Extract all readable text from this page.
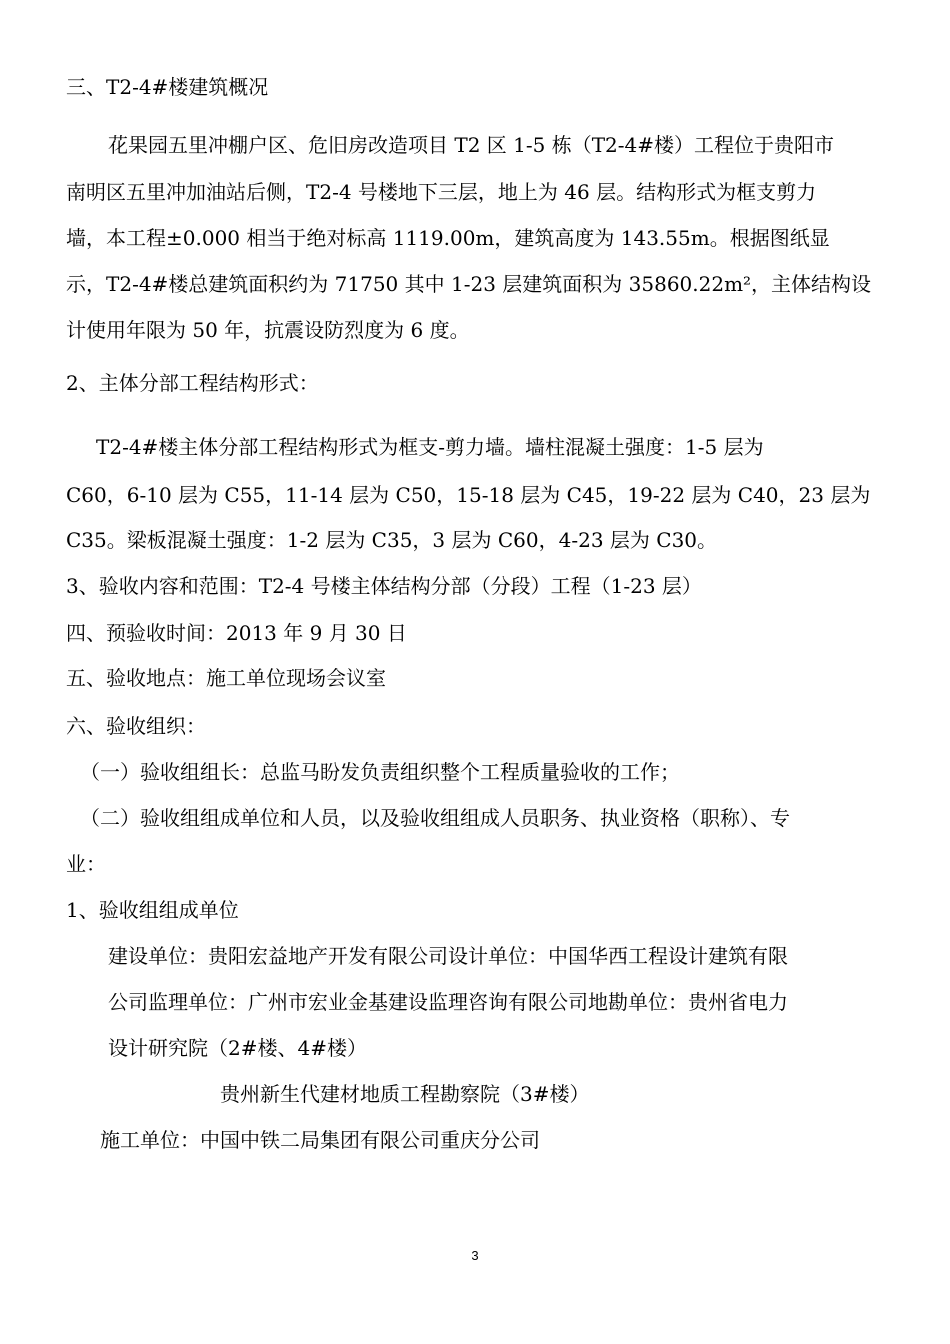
三、T2-4#楼建筑概况
花果园五里冲棚户区、危旧房改造项目 T2 区 1-5 栋（T2-4#楼）工程位于贵阳市
南明区五里冲加油站后侧，T2-4 号楼地下三层，地上为 46 层。结构形式为框支剪力
墙，本工程±0.000 相当于绝对标高 1119.00m，建筑高度为 143.55m。根据图纸显
示，T2-4#楼总建筑面积约为 71750 其中 1-23 层建筑面积为 35860.22m²，主体结构设
计使用年限为 50 年，抗震设防烈度为 6 度。
2、主体分部工程结构形式：
T2-4#楼主体分部工程结构形式为框支-剪力墙。墙柱混凝土强度：1-5 层为
C60，6-10 层为 C55，11-14 层为 C50，15-18 层为 C45，19-22 层为 C40，23 层为
C35。梁板混凝土强度：1-2 层为 C35，3 层为 C60，4-23 层为 C30。
3、验收内容和范围：T2-4 号楼主体结构分部（分段）工程（1-23 层）
四、预验收时间：2013 年 9 月 30 日
五、验收地点：施工单位现场会议室
六、验收组织：
（一）验收组组长：总监马盼发负责组织整个工程质量验收的工作；
（二）验收组组成单位和人员，以及验收组组成人员职务、执业资格（职称）、专
业：
1、验收组组成单位
建设单位：贵阳宏益地产开发有限公司设计单位：中国华西工程设计建筑有限
公司监理单位：广州市宏业金基建设监理咨询有限公司地勘单位：贵州省电力
设计研究院（2#楼、4#楼）
贵州新生代建材地质工程勘察院（3#楼）
施工单位：中国中铁二局集团有限公司重庆分公司
3
